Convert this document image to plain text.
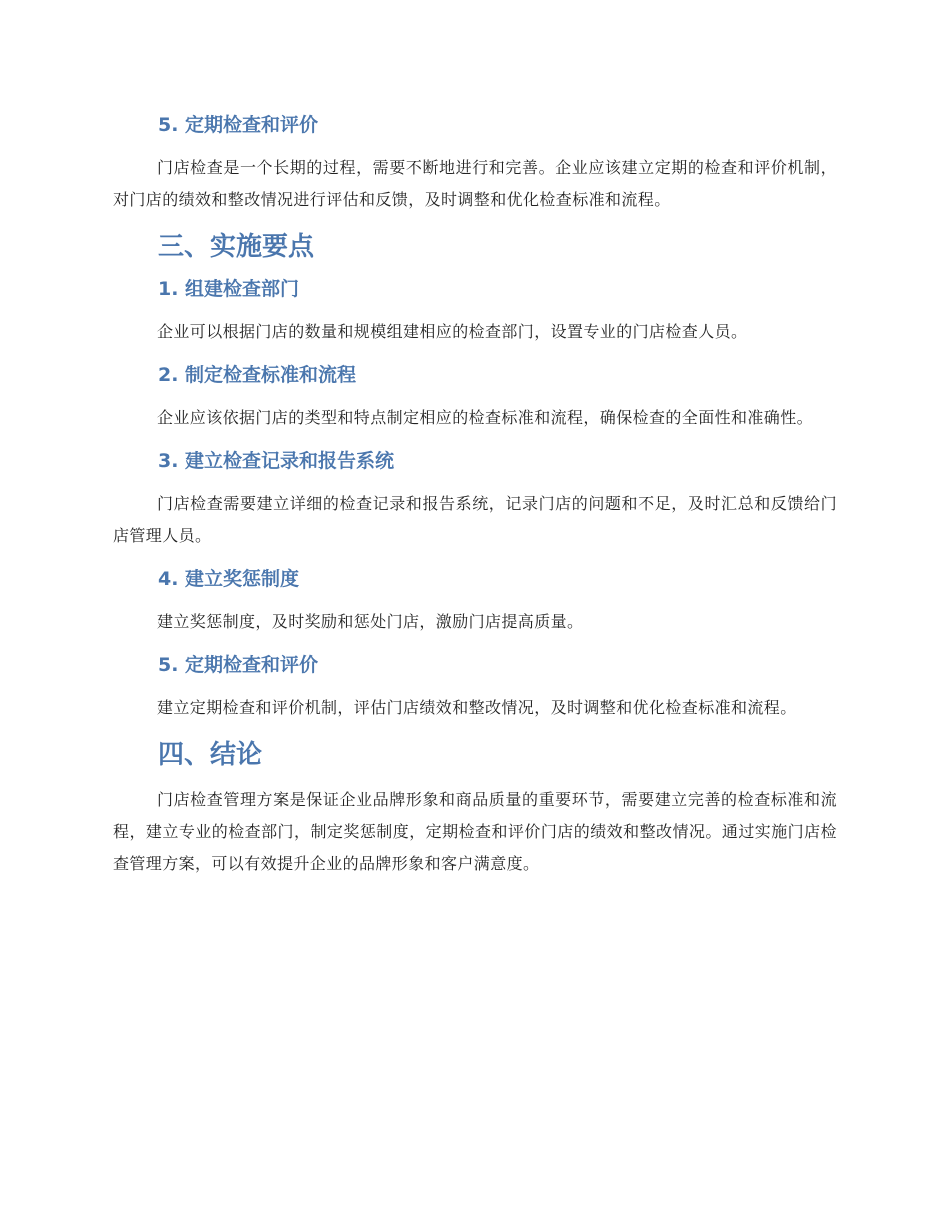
5. 定期检查和评价
门店检查是一个长期的过程，需要不断地进行和完善。企业应该建立定期的检查和评价机制，对门店的绩效和整改情况进行评估和反馈，及时调整和优化检查标准和流程。
三、实施要点
1. 组建检查部门
企业可以根据门店的数量和规模组建相应的检查部门，设置专业的门店检查人员。
2. 制定检查标准和流程
企业应该依据门店的类型和特点制定相应的检查标准和流程，确保检查的全面性和准确性。
3. 建立检查记录和报告系统
门店检查需要建立详细的检查记录和报告系统，记录门店的问题和不足，及时汇总和反馈给门店管理人员。
4. 建立奖惩制度
建立奖惩制度，及时奖励和惩处门店，激励门店提高质量。
5. 定期检查和评价
建立定期检查和评价机制，评估门店绩效和整改情况，及时调整和优化检查标准和流程。
四、结论
门店检查管理方案是保证企业品牌形象和商品质量的重要环节，需要建立完善的检查标准和流程，建立专业的检查部门，制定奖惩制度，定期检查和评价门店的绩效和整改情况。通过实施门店检查管理方案，可以有效提升企业的品牌形象和客户满意度。
